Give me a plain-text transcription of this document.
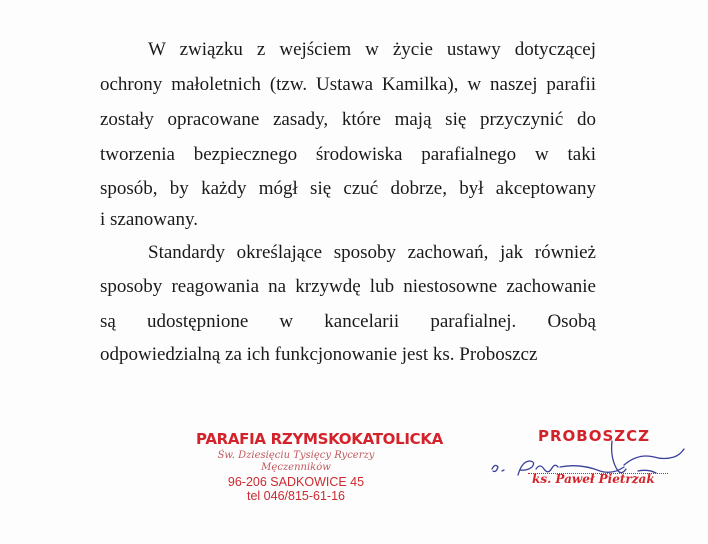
W związku z wejściem w życie ustawy dotyczącej
ochrony małoletnich (tzw. Ustawa Kamilka), w naszej parafii
zostały opracowane zasady, które mają się przyczynić do
tworzenia bezpiecznego środowiska parafialnego w taki
sposób, by każdy mógł się czuć dobrze, był akceptowany
i szanowany.
Standardy określające sposoby zachowań, jak również
sposoby reagowania na krzywdę lub niestosowne zachowanie
są udostępnione w kancelarii parafialnej. Osobą
odpowiedzialną za ich funkcjonowanie jest ks. Proboszcz
PARAFIA RZYMSKOKATOLICKA
Św. Dziesięciu Tysięcy Rycerzy
Męczenników
96-206 SADKOWICE 45
tel 046/815-61-16
PROBOSZCZ
ks. Paweł Pietrzak
